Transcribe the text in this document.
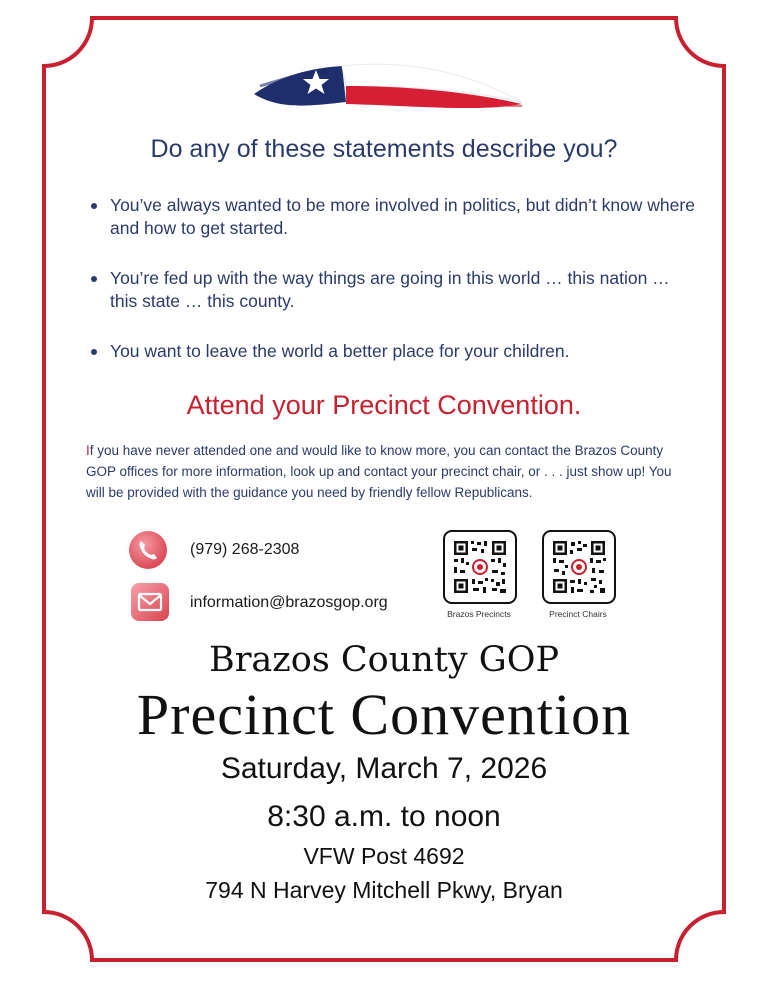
Do any of these statements describe you?
You’ve always wanted to be more involved in politics, but didn’t know where and how to get started.
You’re fed up with the way things are going in this world … this nation … this state … this county.
You want to leave the world a better place for your children.
Attend your Precinct Convention.
If you have never attended one and would like to know more, you can contact the Brazos County GOP offices for more information, look up and contact your precinct chair, or . . . just show up! You will be provided with the guidance you need by friendly fellow Republicans.
(979) 268-2308
information@brazosgop.org
Brazos Precincts	Precinct Chairs
Brazos County GOP
Precinct Convention
Saturday, March 7, 2026
8:30 a.m. to noon
VFW Post 4692
794 N Harvey Mitchell Pkwy, Bryan
